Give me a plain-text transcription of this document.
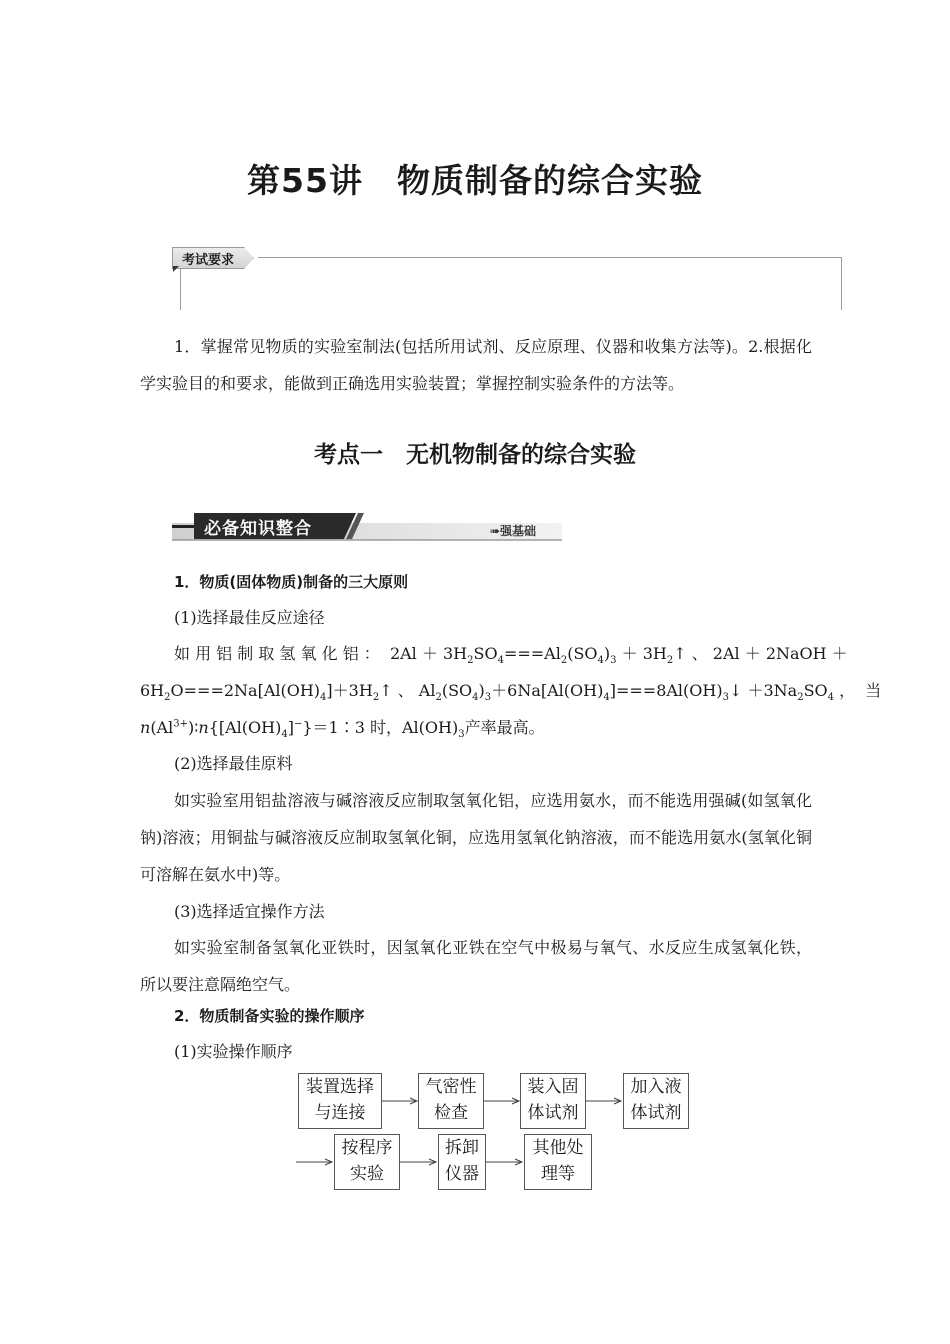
第55讲　物质制备的综合实验
考试要求

1．掌握常见物质的实验室制法(包括所用试剂、反应原理、仪器和收集方法等)。2.根据化学实验目的和要求，能做到正确选用实验装置；掌握控制实验条件的方法等。

考点一　无机物制备的综合实验
必备知识整合	➠强基础

1．物质(固体物质)制备的三大原则

(1)选择最佳反应途径

如 用 铝 制 取 氢 氧 化 铝 ：  $2Al + 3H_2SO_4===Al_2(SO_4)_3$ ＋ $3H_2↑$ 、 2Al ＋ 2NaOH ＋
$6H_2O===2Na[Al(OH)_4]+3H_2↑$ 、 $Al_2(SO_4)_3+6Na[Al(OH)_4]===8Al(OH)_3↓ +3Na_2SO_4$ ，  当
$n(Al^{3+})∶n\{[Al(OH)_4]^-\}=1∶3$ 时，$Al(OH)_3$产率最高。

(2)选择最佳原料

如实验室用铝盐溶液与碱溶液反应制取氢氧化铝，应选用氨水，而不能选用强碱(如氢氧化钠)溶液；用铜盐与碱溶液反应制取氢氧化铜，应选用氢氧化钠溶液，而不能选用氨水(氢氧化铜可溶解在氨水中)等。

(3)选择适宜操作方法

如实验室制备氢氧化亚铁时，因氢氧化亚铁在空气中极易与氧气、水反应生成氢氧化铁，所以要注意隔绝空气。

2．物质制备实验的操作顺序

(1)实验操作顺序

装置选择与连接
气密性检查
装入固体试剂
加入液体试剂
按程序实验
拆卸仪器
其他处理等
